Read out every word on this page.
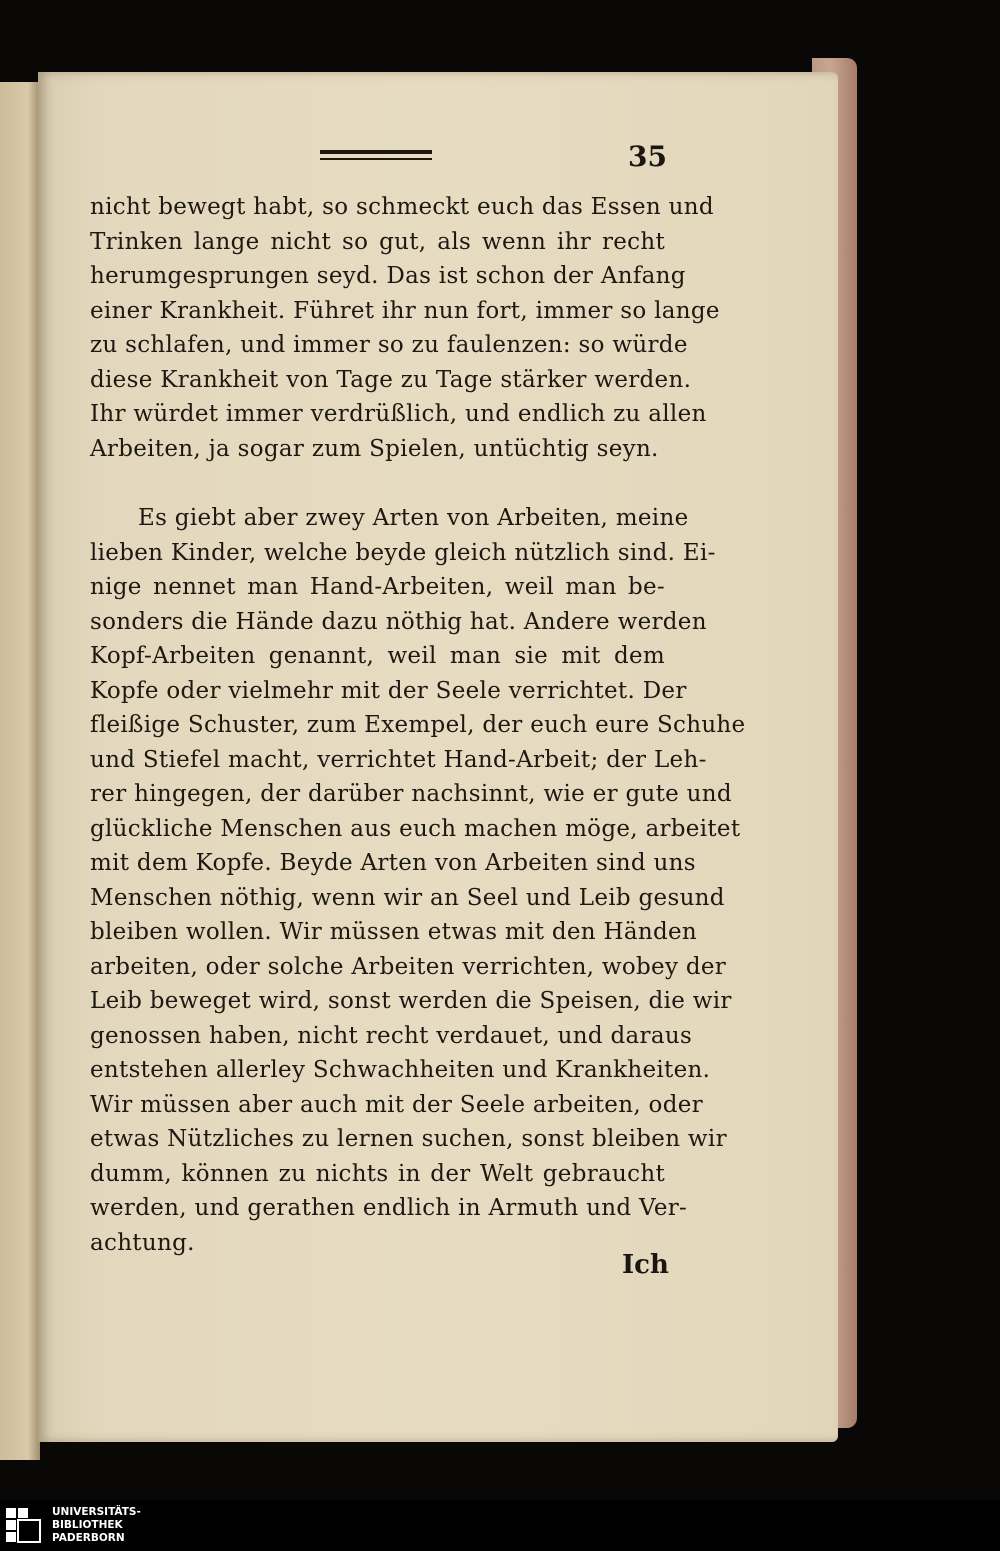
35
nicht bewegt habt, so schmeckt euch das Essen und
Trinken lange nicht so gut, als wenn ihr recht
herumgesprungen seyd. Das ist schon der Anfang
einer Krankheit. Führet ihr nun fort, immer so lange
zu schlafen, und immer so zu faulenzen: so würde
diese Krankheit von Tage zu Tage stärker werden.
Ihr würdet immer verdrüßlich, und endlich zu allen
Arbeiten, ja sogar zum Spielen, untüchtig seyn.
Es giebt aber zwey Arten von Arbeiten, meine
lieben Kinder, welche beyde gleich nützlich sind. Ei-
nige nennet man Hand-Arbeiten, weil man be-
sonders die Hände dazu nöthig hat. Andere werden
Kopf-Arbeiten genannt, weil man sie mit dem
Kopfe oder vielmehr mit der Seele verrichtet. Der
fleißige Schuster, zum Exempel, der euch eure Schuhe
und Stiefel macht, verrichtet Hand-Arbeit; der Leh-
rer hingegen, der darüber nachsinnt, wie er gute und
glückliche Menschen aus euch machen möge, arbeitet
mit dem Kopfe. Beyde Arten von Arbeiten sind uns
Menschen nöthig, wenn wir an Seel und Leib gesund
bleiben wollen. Wir müssen etwas mit den Händen
arbeiten, oder solche Arbeiten verrichten, wobey der
Leib beweget wird, sonst werden die Speisen, die wir
genossen haben, nicht recht verdauet, und daraus
entstehen allerley Schwachheiten und Krankheiten.
Wir müssen aber auch mit der Seele arbeiten, oder
etwas Nützliches zu lernen suchen, sonst bleiben wir
dumm, können zu nichts in der Welt gebraucht
werden, und gerathen endlich in Armuth und Ver-
achtung.
Ich
UNIVERSITÄTS-
BIBLIOTHEK
PADERBORN
